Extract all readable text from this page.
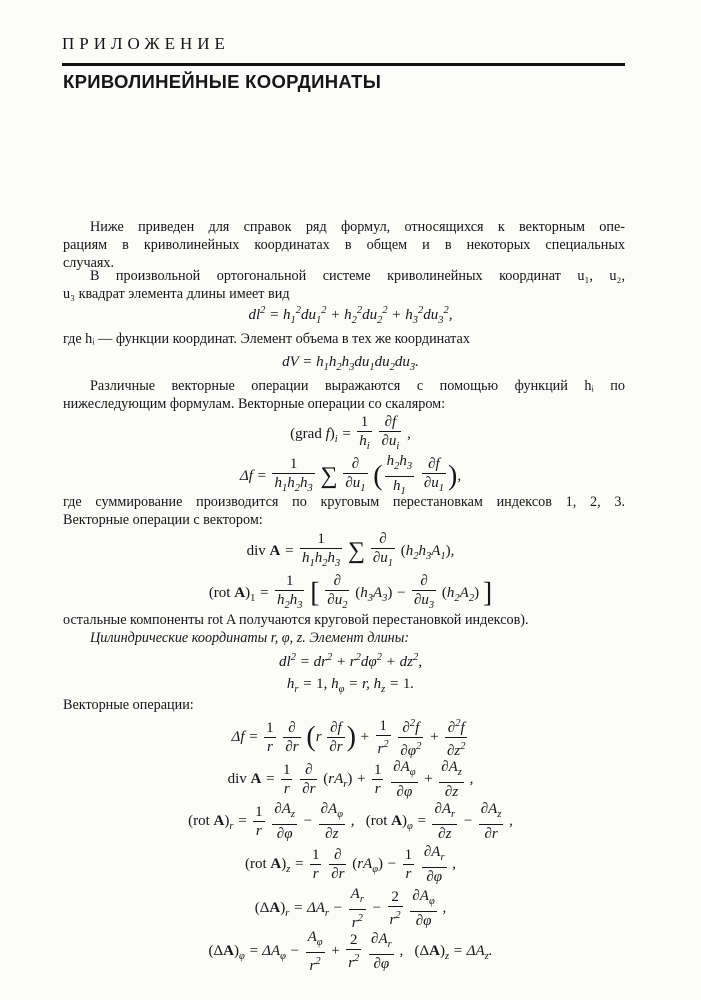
ПРИЛОЖЕНИЕ
КРИВОЛИНЕЙНЫЕ КООРДИНАТЫ
Ниже приведен для справок ряд формул, относящихся к векторным опе-
рациям в криволинейных координатах в общем и в некоторых специальных
случаях.
В произвольной ортогональной системе криволинейных координат u₁, u₂,
u₃ квадрат элемента длины имеет вид
$dl^2 = h_1^2du_1^2 + h_2^2du_2^2 + h_3^2du_3^2$,
где hᵢ — функции координат. Элемент объема в тех же координатах
dV = $h_1h_2h_3du_1du_2du_3$.
Различные векторные операции выражаются с помощью функций hᵢ по
нижеследующим формулам. Векторные операции со скаляром:
(grad $f)_i = \frac{1}{h_i}$
$\frac{\partial f}{\partial u_i}$ ,
$\Delta f = \frac{1}{h_1h_2h_3}$ ∑ $\frac{\partial}{\partial u_1}$ ( $\frac{h_2h_3}{h_1}$
$\frac{\partial f}{\partial u_1}$ ),
где суммирование производится по круговым перестановкам индексов 1, 2, 3.
Векторные операции с вектором:
div $A = \frac{1}{h_1h_2h_3}$ ∑ $\frac{\partial}{\partial u_1} (h_2h_3A_1)$,
(rot $A)_1 = \frac{1}{h_2h_3}$ [ $\frac{\partial}{\partial u_2} (h_3A_3) - \frac{\partial}{\partial u_3} (h_2A_2)$ ]
остальные компоненты rot A получаются круговой перестановкой индексов).
Цилиндрические координаты r, φ, z. Элемент длины:
$dl^2 = dr^2 + r^2d\varphi^2 + dz^2$,
$h_r = 1$, $h_\varphi = r$, $h_z = 1$.
Векторные операции:
$\Delta f = \frac{1}{r}$
$\frac{\partial}{\partial r} (r \frac{\partial f}{\partial r}$ ) + $\frac{1}{r^2}$
$\frac{\partial^2f}{\partial\varphi^2} + \frac{\partial^2f}{\partial z^2}$
div $A = \frac{1}{r}$
$\frac{\partial}{\partial r} (rA_r) + \frac{1}{r}$
$\frac{\partial A_\varphi}{\partial\varphi} + \frac{\partial A_z}{\partial z}$ ,
(rot $A)_r = \frac{1}{r}$
$\frac{\partial A_z}{\partial\varphi} - \frac{\partial A_\varphi}{\partial z}$ ,   (rot $A)_\varphi = \frac{\partial A_r}{\partial z} - \frac{\partial A_z}{\partial r}$ ,
(rot $A)_z = \frac{1}{r}$
$\frac{\partial}{\partial r} (rA_\varphi) - \frac{1}{r}$
$\frac{\partial A_r}{\partial\varphi}$ ,
$(\Delta A)_r = \Delta A_r - \frac{A_r}{r^2} - \frac{2}{r^2}$
$\frac{\partial A_\varphi}{\partial\varphi}$ ,
$(\Delta A)_\varphi = \Delta A_\varphi - \frac{A_\varphi}{r^2} + \frac{2}{r^2}$
$\frac{\partial A_r}{\partial\varphi}$ ,   $(\Delta A)_z = \Delta A_z$.
